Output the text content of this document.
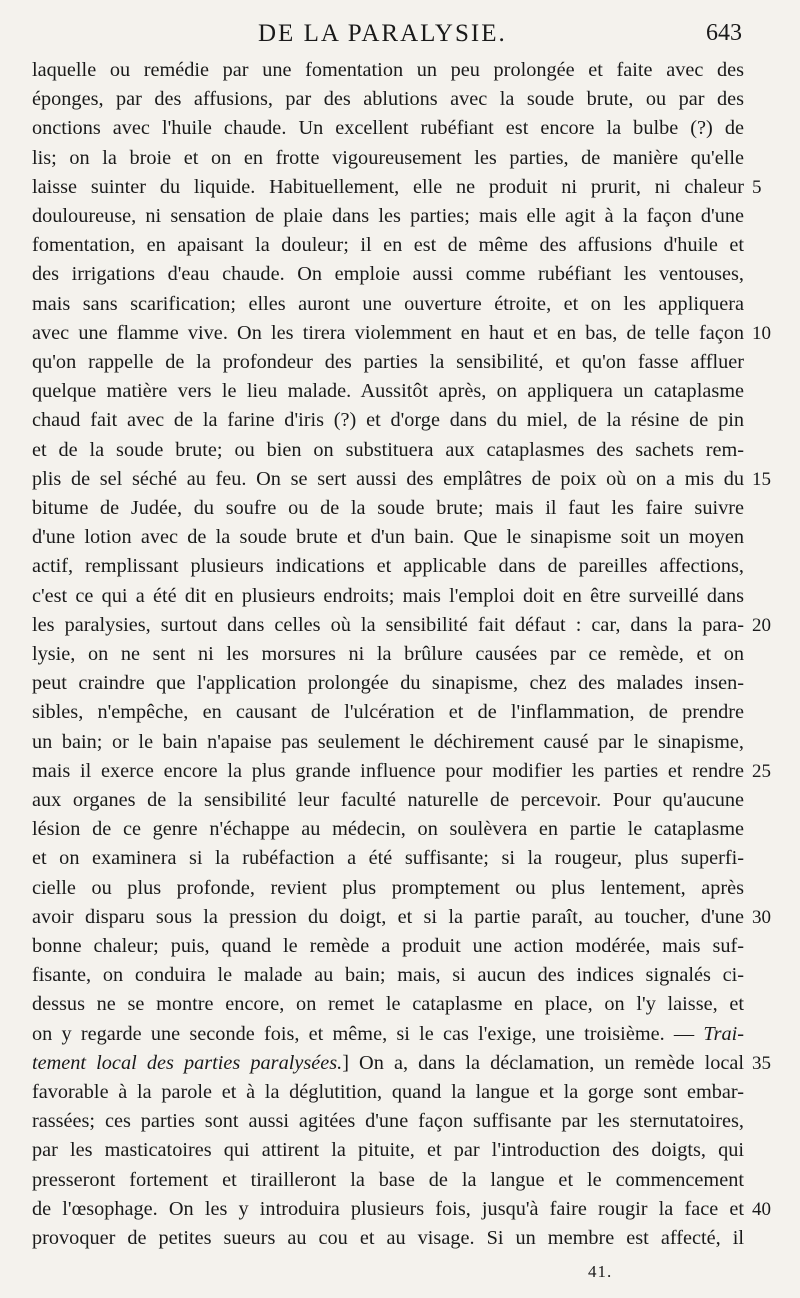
DE LA PARALYSIE.	643
laquelle ou remédie par une fomentation un peu prolongée et faite avec des
éponges, par des affusions, par des ablutions avec la soude brute, ou par des
onctions avec l'huile chaude. Un excellent rubéfiant est encore la bulbe (?) de
lis; on la broie et on en frotte vigoureusement les parties, de manière qu'elle
laisse suinter du liquide. Habituellement, elle ne produit ni prurit, ni chaleur 5
douloureuse, ni sensation de plaie dans les parties; mais elle agit à la façon d'une
fomentation, en apaisant la douleur; il en est de même des affusions d'huile et
des irrigations d'eau chaude. On emploie aussi comme rubéfiant les ventouses,
mais sans scarification; elles auront une ouverture étroite, et on les appliquera
avec une flamme vive. On les tirera violemment en haut et en bas, de telle façon 10
qu'on rappelle de la profondeur des parties la sensibilité, et qu'on fasse affluer
quelque matière vers le lieu malade. Aussitôt après, on appliquera un cataplasme
chaud fait avec de la farine d'iris (?) et d'orge dans du miel, de la résine de pin
et de la soude brute; ou bien on substituera aux cataplasmes des sachets rem-
plis de sel séché au feu. On se sert aussi des emplâtres de poix où on a mis du 15
bitume de Judée, du soufre ou de la soude brute; mais il faut les faire suivre
d'une lotion avec de la soude brute et d'un bain. Que le sinapisme soit un moyen
actif, remplissant plusieurs indications et applicable dans de pareilles affections,
c'est ce qui a été dit en plusieurs endroits; mais l'emploi doit en être surveillé dans
les paralysies, surtout dans celles où la sensibilité fait défaut : car, dans la para- 20
lysie, on ne sent ni les morsures ni la brûlure causées par ce remède, et on
peut craindre que l'application prolongée du sinapisme, chez des malades insen-
sibles, n'empêche, en causant de l'ulcération et de l'inflammation, de prendre
un bain; or le bain n'apaise pas seulement le déchirement causé par le sinapisme,
mais il exerce encore la plus grande influence pour modifier les parties et rendre 25
aux organes de la sensibilité leur faculté naturelle de percevoir. Pour qu'aucune
lésion de ce genre n'échappe au médecin, on soulèvera en partie le cataplasme
et on examinera si la rubéfaction a été suffisante; si la rougeur, plus superfi-
cielle ou plus profonde, revient plus promptement ou plus lentement, après
avoir disparu sous la pression du doigt, et si la partie paraît, au toucher, d'une 30
bonne chaleur; puis, quand le remède a produit une action modérée, mais suf-
fisante, on conduira le malade au bain; mais, si aucun des indices signalés ci-
dessus ne se montre encore, on remet le cataplasme en place, on l'y laisse, et
on y regarde une seconde fois, et même, si le cas l'exige, une troisième. — Trai-
tement local des parties paralysées.] On a, dans la déclamation, un remède local 35
favorable à la parole et à la déglutition, quand la langue et la gorge sont embar-
rassées; ces parties sont aussi agitées d'une façon suffisante par les sternutatoires,
par les masticatoires qui attirent la pituite, et par l'introduction des doigts, qui
presseront fortement et tirailleront la base de la langue et le commencement
de l'œsophage. On les y introduira plusieurs fois, jusqu'à faire rougir la face et 40
provoquer de petites sueurs au cou et au visage. Si un membre est affecté, il
41.
